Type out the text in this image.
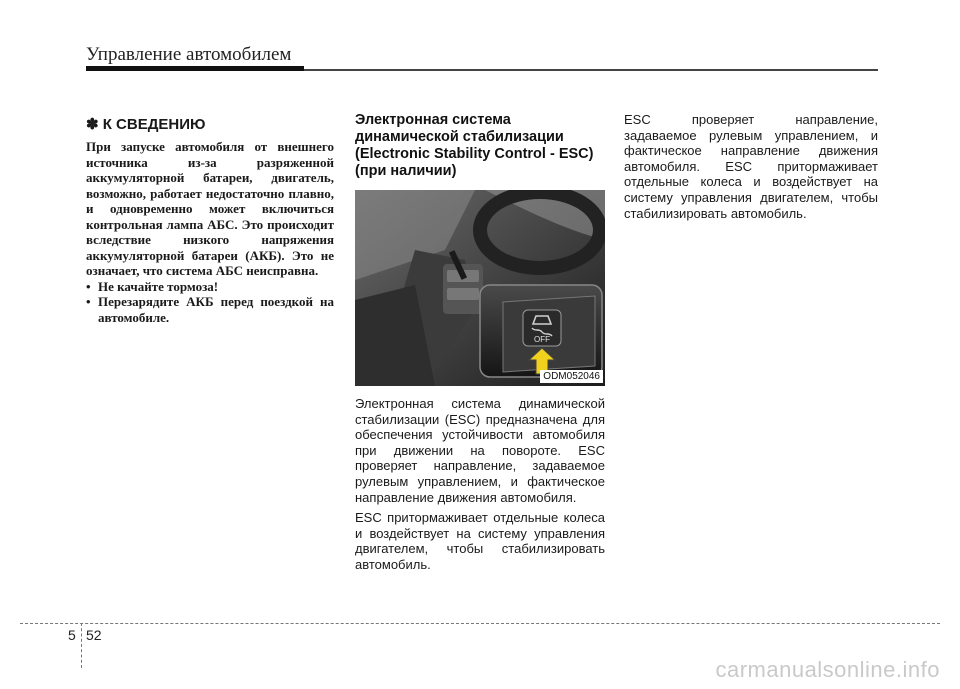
Управление автомобилем
✽ К СВЕДЕНИЮ

При запуске автомобиля от внешнего источника из-за разряженной аккумуляторной батареи, двигатель, возможно, работает недостаточно плавно, и одновременно может включиться контрольная лампа АБС. Это происходит вследствие низкого напряжения аккумуляторной батареи (АКБ). Это не означает, что система АБС неисправна.

• Не качайте тормоза!
• Перезарядите АКБ перед поездкой на автомобиле.
Электронная система динамической стабилизации (Electronic Stability Control - ESC) (при наличии)
OFF
ODM052046

Электронная система динамической стабилизации (ESC) предназначена для обеспечения устойчивости автомобиля при движении на повороте. ESC проверяет направление, задаваемое рулевым управлением, и фактическое направление движения автомобиля.

ESC притормаживает отдельные колеса и воздействует на систему управления двигателем, чтобы стабилизировать автомобиль.

ESC проверяет направление, задаваемое рулевым управлением, и фактическое направление движения автомобиля. ESC притормаживает отдельные колеса и воздействует на систему управления двигателем, чтобы стабилизировать автомобиль.

5 52
carmanualsonline.info
